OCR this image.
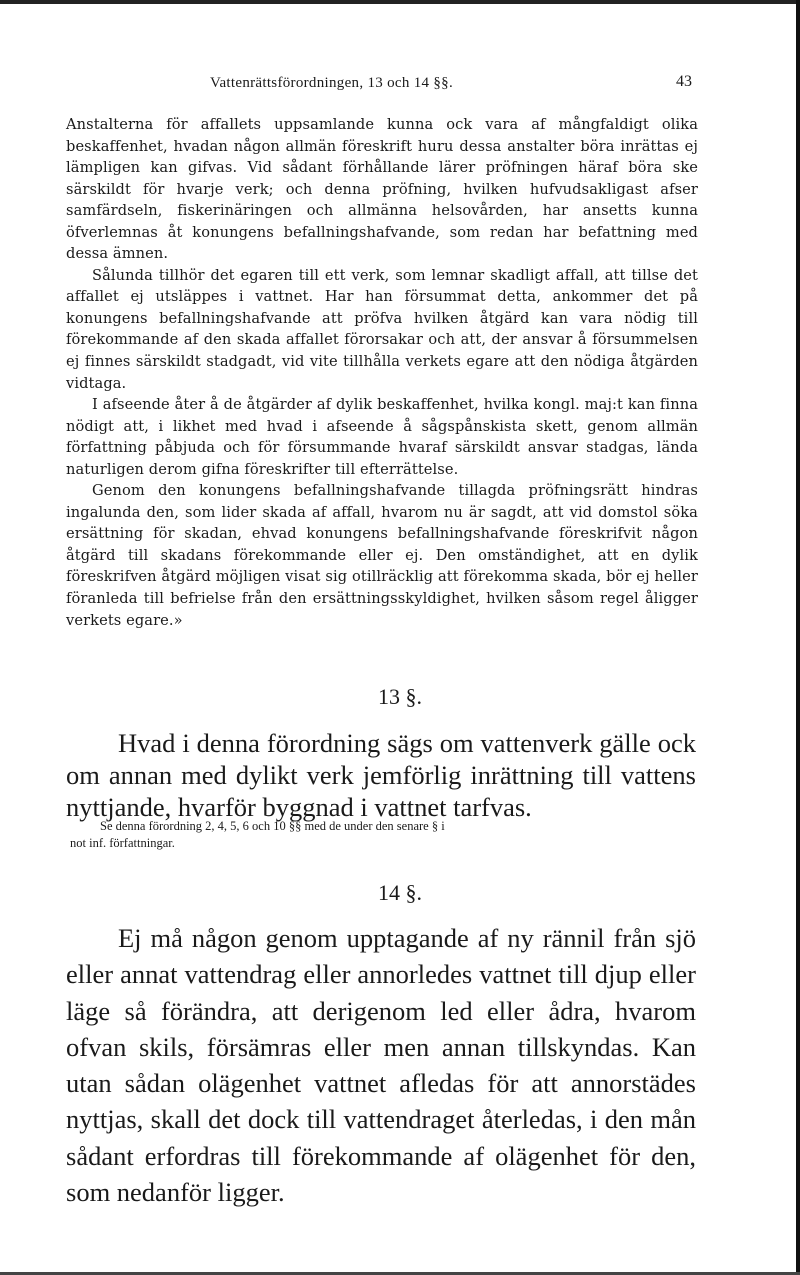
Vattenrättsförordningen, 13 och 14 §§.	43

Anstalterna för affallets uppsamlande kunna ock vara af mångfaldigt olika beskaffenhet, hvadan någon allmän föreskrift huru dessa anstalter böra inrättas ej lämpligen kan gifvas. Vid sådant förhållande lärer pröfningen häraf böra ske särskildt för hvarje verk; och denna pröfning, hvilken hufvudsakligast afser samfärdseln, fiskerinäringen och allmänna helsovården, har ansetts kunna öfverlemnas åt konungens befallningshafvande, som redan har befattning med dessa ämnen.

Sålunda tillhör det egaren till ett verk, som lemnar skadligt affall, att tillse det affallet ej utsläppes i vattnet. Har han försummat detta, ankommer det på konungens befallningshafvande att pröfva hvilken åtgärd kan vara nödig till förekommande af den skada affallet förorsakar och att, der ansvar å försummelsen ej finnes särskildt stadgadt, vid vite tillhålla verkets egare att den nödiga åtgärden vidtaga.

I afseende åter å de åtgärder af dylik beskaffenhet, hvilka kongl. maj:t kan finna nödigt att, i likhet med hvad i afseende å sågspånskista skett, genom allmän författning påbjuda och för försummande hvaraf särskildt ansvar stadgas, lända naturligen derom gifna föreskrifter till efterrättelse.

Genom den konungens befallningshafvande tillagda pröfningsrätt hindras ingalunda den, som lider skada af affall, hvarom nu är sagdt, att vid domstol söka ersättning för skadan, ehvad konungens befallningshafvande föreskrifvit någon åtgärd till skadans förekommande eller ej. Den omständighet, att en dylik föreskrifven åtgärd möjligen visat sig otillräcklig att förekomma skada, bör ej heller föranleda till befrielse från den ersättningsskyldighet, hvilken såsom regel åligger verkets egare.»

13 §.
Hvad i denna förordning sägs om vattenverk gälle ock om annan med dylikt verk jemförlig inrättning till vattens nyttjande, hvarför byggnad i vattnet tarfvas.
Se denna förordning 2, 4, 5, 6 och 10 §§ med de under den senare § i
not inf. författningar.
14 §.
Ej må någon genom upptagande af ny rännil från sjö eller annat vattendrag eller annorledes vattnet till djup eller läge så förändra, att derigenom led eller ådra, hvarom ofvan skils, försämras eller men annan tillskyndas. Kan utan sådan olägenhet vattnet afledas för att annorstädes nyttjas, skall det dock till vattendraget återledas, i den mån sådant erfordras till förekommande af olägenhet för den, som nedanför ligger.
